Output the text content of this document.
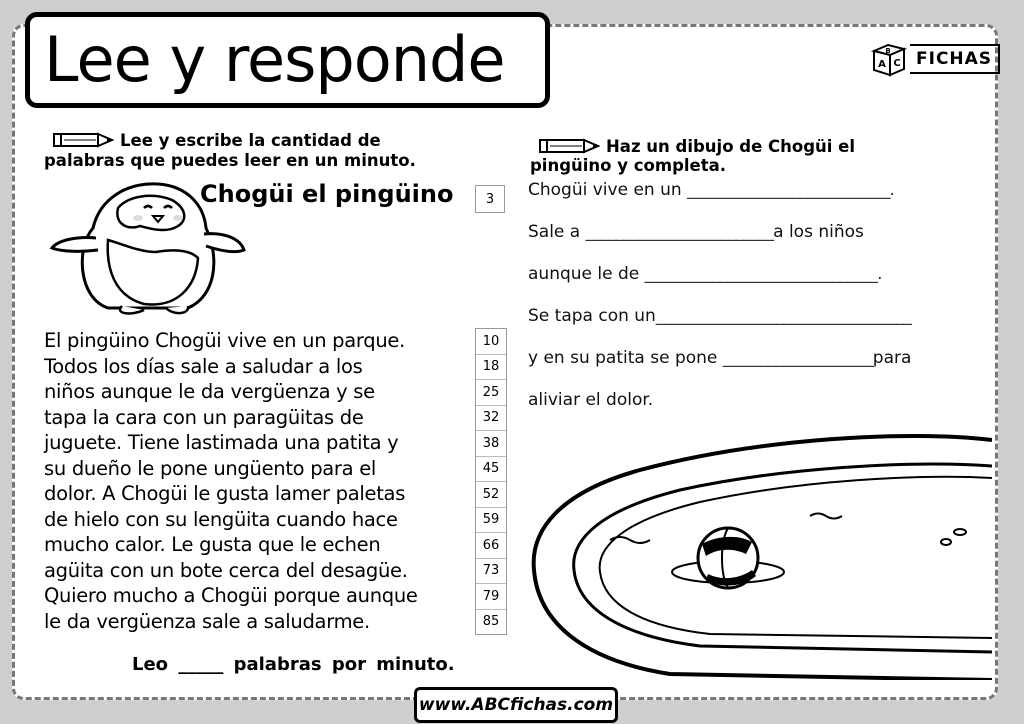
Lee y responde	B
A C FICHAS
Lee y escribe la cantidad de
palabras que puedes leer en un minuto.
Chogüi el pingüino	3
El pingüino Chogüi vive en un parque.
Todos los días sale a saludar a los
niños aunque le da vergüenza y se
tapa la cara con un paragüitas de
juguete. Tiene lastimada una patita y
su dueño le pone ungüento para el
dolor. A Chogüi le gusta lamer paletas
de hielo con su lengüita cuando hace
mucho calor. Le gusta que le echen
agüita con un bote cerca del desagüe.
Quiero mucho a Chogüi porque aunque
le da vergüenza sale a saludarme.
10
18
25
32
38
45
52
59
66
73
79
85
Leo _____ palabras por minuto.
Haz un dibujo de Chogüi el
pingüino y completa.
Chogüi vive en un ___________________________.
Sale a _________________________a los niños
aunque le de _______________________________.
Se tapa con un__________________________________
y en su patita se pone ____________________para
aliviar el dolor.
www.ABCfichas.com
